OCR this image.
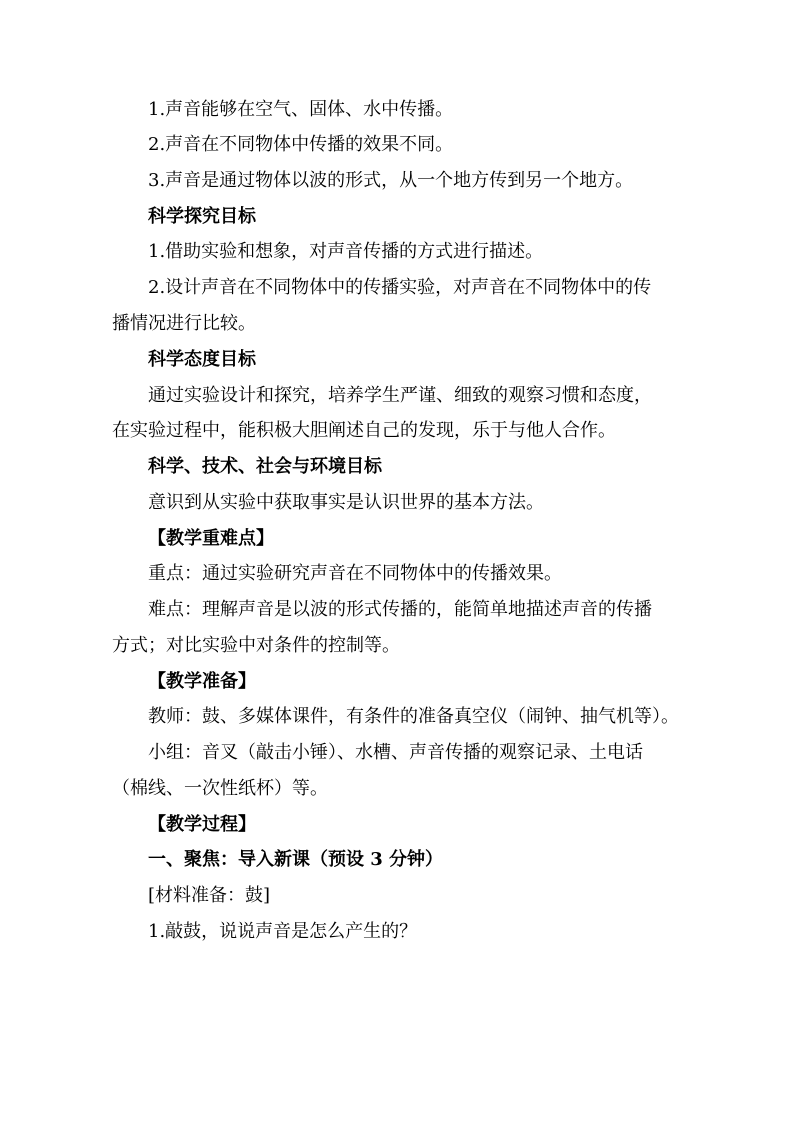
1.声音能够在空气、固体、水中传播。
2.声音在不同物体中传播的效果不同。
3.声音是通过物体以波的形式，从一个地方传到另一个地方。
科学探究目标
1.借助实验和想象，对声音传播的方式进行描述。
2.设计声音在不同物体中的传播实验，对声音在不同物体中的传
播情况进行比较。
科学态度目标
通过实验设计和探究，培养学生严谨、细致的观察习惯和态度，
在实验过程中，能积极大胆阐述自己的发现，乐于与他人合作。
科学、技术、社会与环境目标
意识到从实验中获取事实是认识世界的基本方法。
【教学重难点】
重点：通过实验研究声音在不同物体中的传播效果。
难点：理解声音是以波的形式传播的，能简单地描述声音的传播
方式；对比实验中对条件的控制等。
【教学准备】
教师：鼓、多媒体课件，有条件的准备真空仪（闹钟、抽气机等）。
小组：音叉（敲击小锤）、水槽、声音传播的观察记录、土电话
（棉线、一次性纸杯）等。
【教学过程】
一、聚焦：导入新课（预设 3 分钟）
[材料准备：鼓]
1.敲鼓，说说声音是怎么产生的？
